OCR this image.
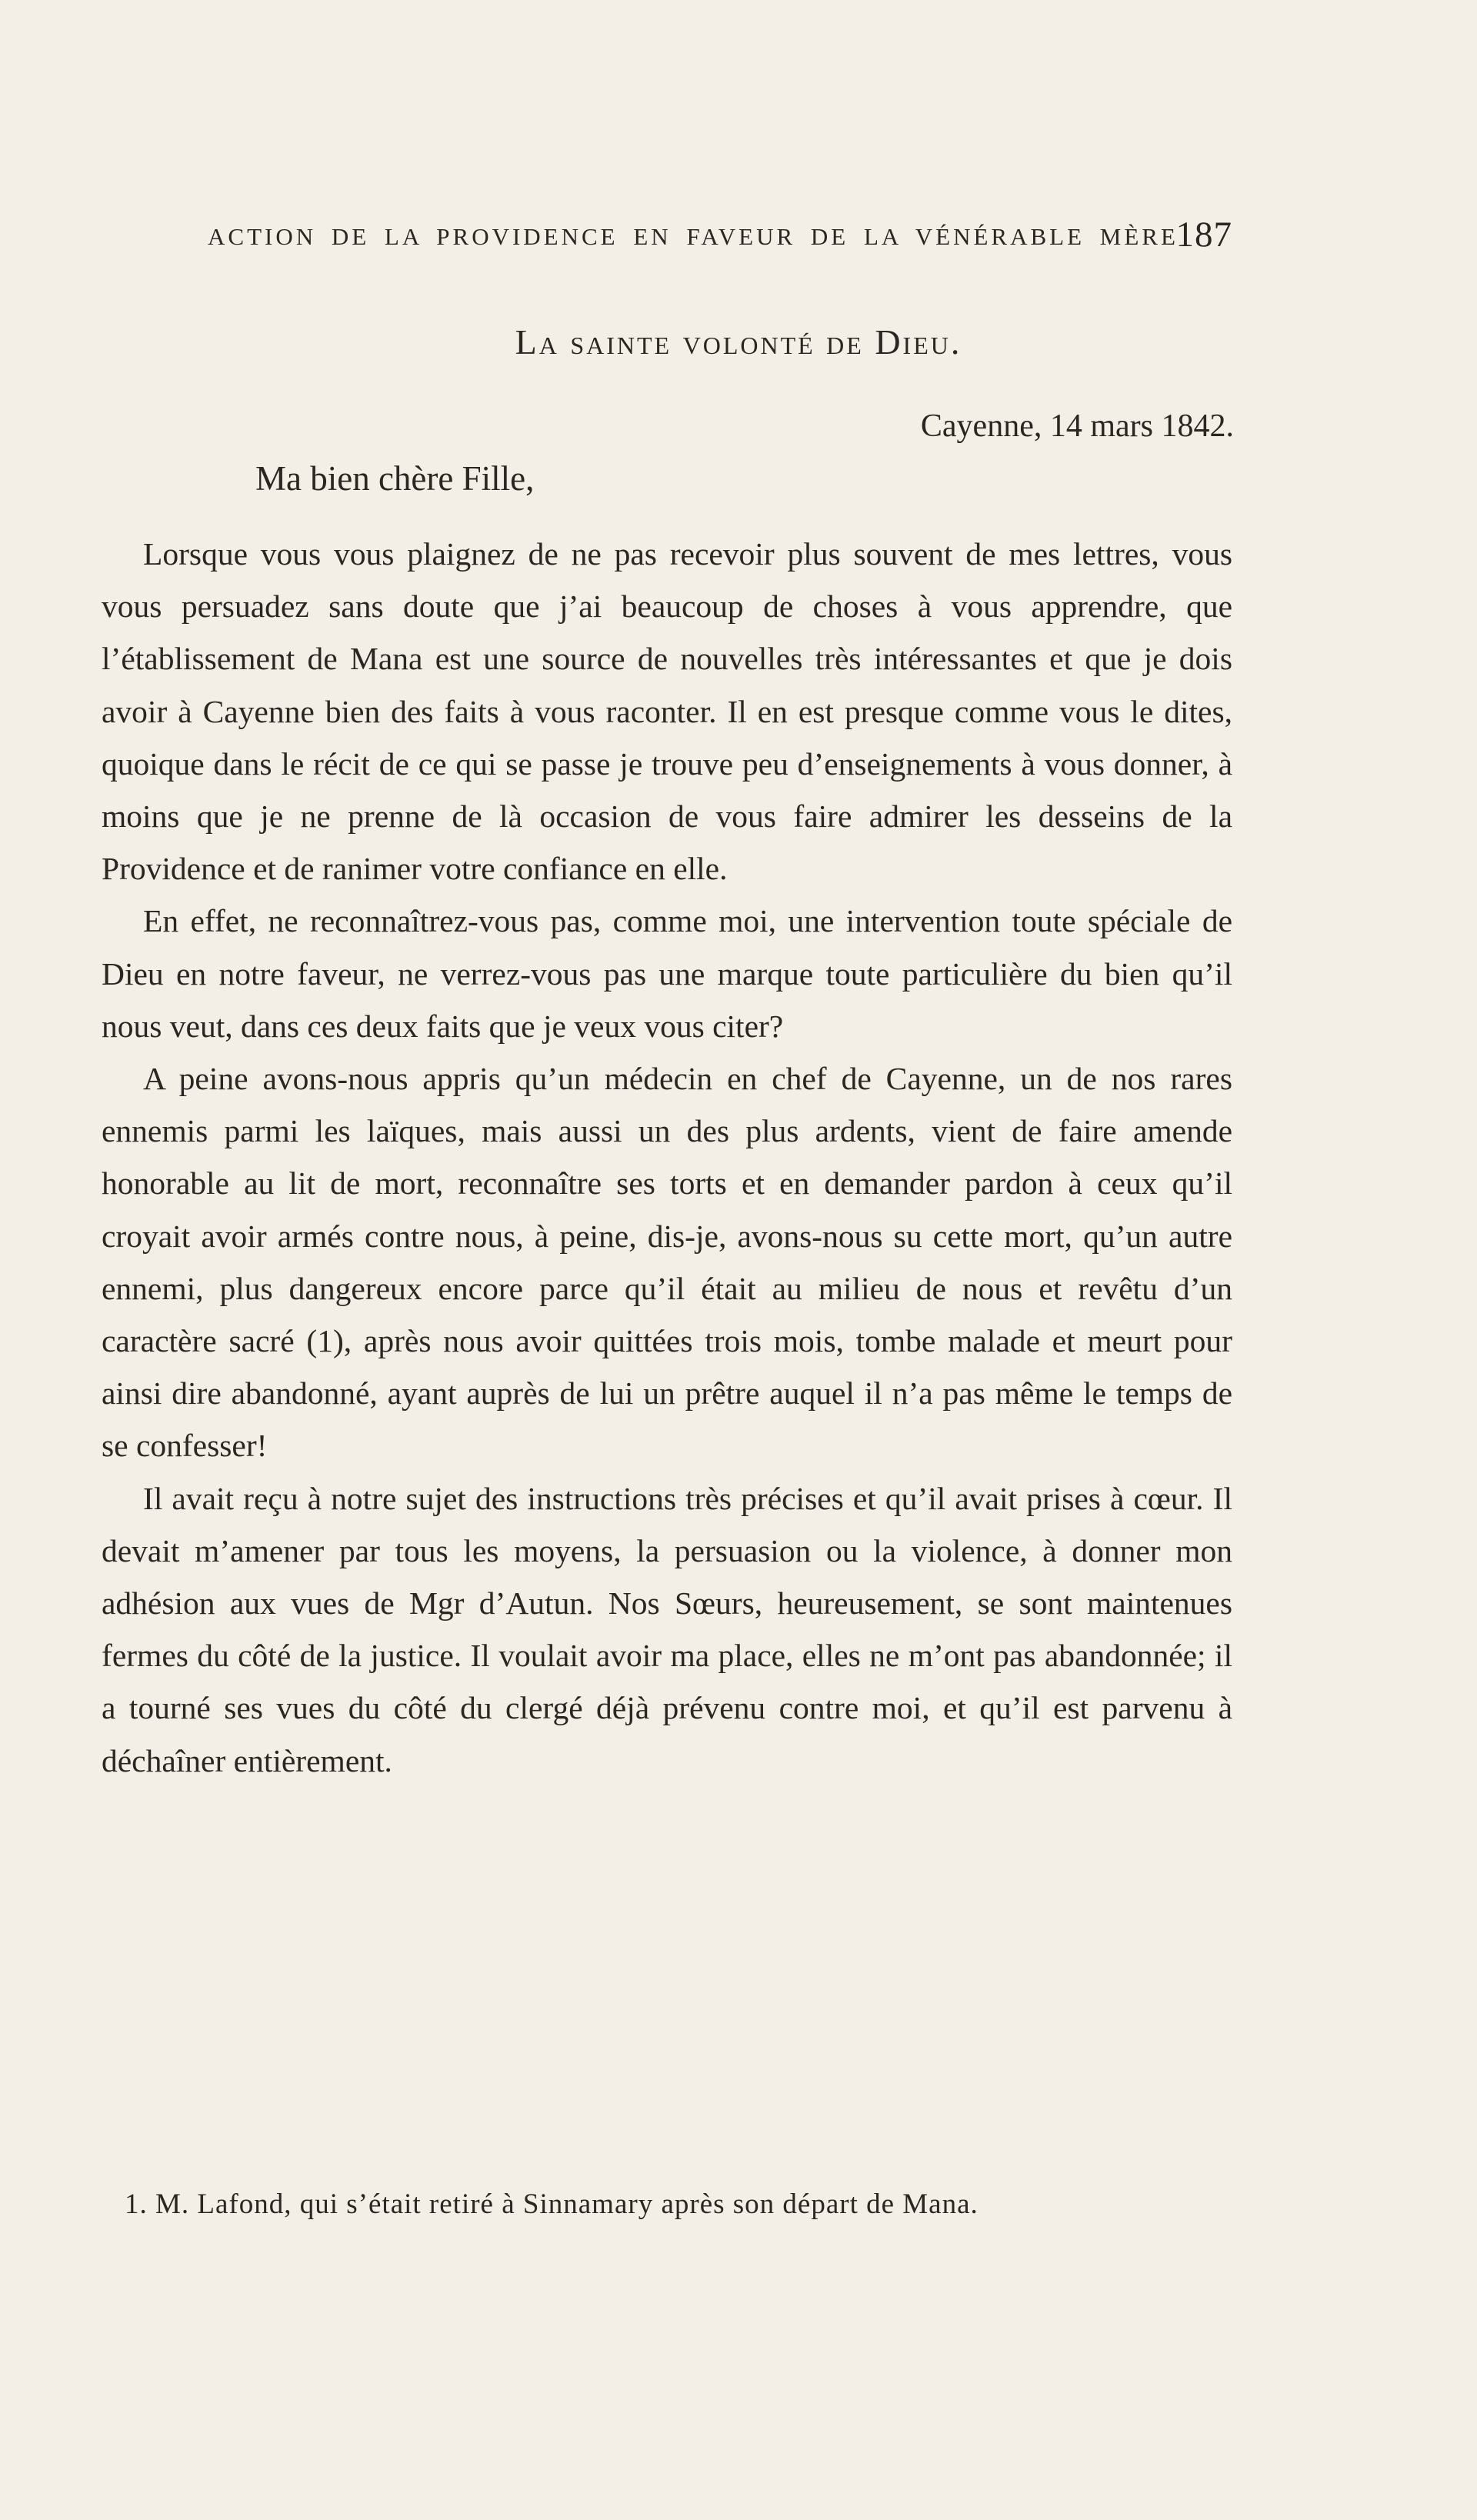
ACTION DE LA PROVIDENCE EN FAVEUR DE LA VÉNÉRABLE MÈRE
187
La sainte volonté de Dieu.
Cayenne, 14 mars 1842.
Ma bien chère Fille,

Lorsque vous vous plaignez de ne pas recevoir plus souvent de mes lettres, vous vous persuadez sans doute que j’ai beaucoup de choses à vous apprendre, que l’établissement de Mana est une source de nouvelles très intéressantes et que je dois avoir à Cayenne bien des faits à vous raconter. Il en est presque comme vous le dites, quoique dans le récit de ce qui se passe je trouve peu d’enseignements à vous donner, à moins que je ne prenne de là occasion de vous faire admirer les desseins de la Providence et de ranimer votre confiance en elle.

En effet, ne reconnaîtrez-vous pas, comme moi, une intervention toute spéciale de Dieu en notre faveur, ne verrez-vous pas une marque toute particulière du bien qu’il nous veut, dans ces deux faits que je veux vous citer?

A peine avons-nous appris qu’un médecin en chef de Cayenne, un de nos rares ennemis parmi les laïques, mais aussi un des plus ardents, vient de faire amende honorable au lit de mort, reconnaître ses torts et en demander pardon à ceux qu’il croyait avoir armés contre nous, à peine, dis-je, avons-nous su cette mort, qu’un autre ennemi, plus dangereux encore parce qu’il était au milieu de nous et revêtu d’un caractère sacré (1), après nous avoir quittées trois mois, tombe malade et meurt pour ainsi dire abandonné, ayant auprès de lui un prêtre auquel il n’a pas même le temps de se confesser!

Il avait reçu à notre sujet des instructions très précises et qu’il avait prises à cœur. Il devait m’amener par tous les moyens, la persuasion ou la violence, à donner mon adhésion aux vues de Mgr d’Autun. Nos Sœurs, heureusement, se sont maintenues fermes du côté de la justice. Il voulait avoir ma place, elles ne m’ont pas abandonnée; il a tourné ses vues du côté du clergé déjà prévenu contre moi, et qu’il est parvenu à déchaîner entièrement.

1. M. Lafond, qui s’était retiré à Sinnamary après son départ de Mana.
